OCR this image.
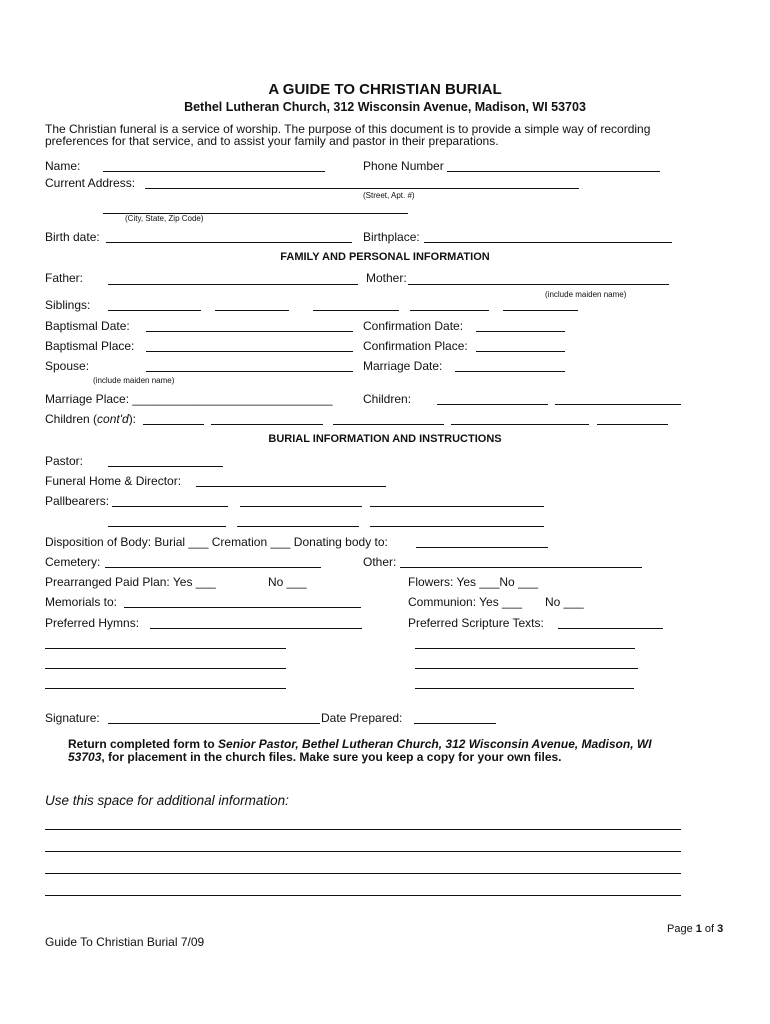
A GUIDE TO CHRISTIAN BURIAL
Bethel Lutheran Church, 312 Wisconsin Avenue, Madison, WI 53703
The Christian funeral is a service of worship. The purpose of this document is to provide a simple way of recording
preferences for that service, and to assist your family and pastor in their preparations.
Name:	Phone Number
Current Address:
(Street, Apt. #)
(City, State, Zip Code)
Birth date:	Birthplace:
FAMILY AND PERSONAL INFORMATION
Father:	Mother:
(include maiden name)
Siblings:
Baptismal Date:	Confirmation Date:
Baptismal Place:	Confirmation Place:
Spouse:	Marriage Date:
(include maiden name)
Marriage Place: ______________________________	Children:
Children (cont'd):
BURIAL INFORMATION AND INSTRUCTIONS
Pastor:
Funeral Home & Director:
Pallbearers:
Disposition of Body: Burial ___ Cremation ___ Donating body to:
Cemetery:	Other:
Prearranged Paid Plan: Yes ___	No ___	Flowers: Yes ___No ___
Memorials to:	Communion: Yes ___ No ___
Preferred Hymns:	Preferred Scripture Texts:
Signature:	Date Prepared:
Return completed form to Senior Pastor, Bethel Lutheran Church, 312 Wisconsin Avenue, Madison, WI
53703, for placement in the church files. Make sure you keep a copy for your own files.
Use this space for additional information:
Page 1 of 3
Guide To Christian Burial 7/09
